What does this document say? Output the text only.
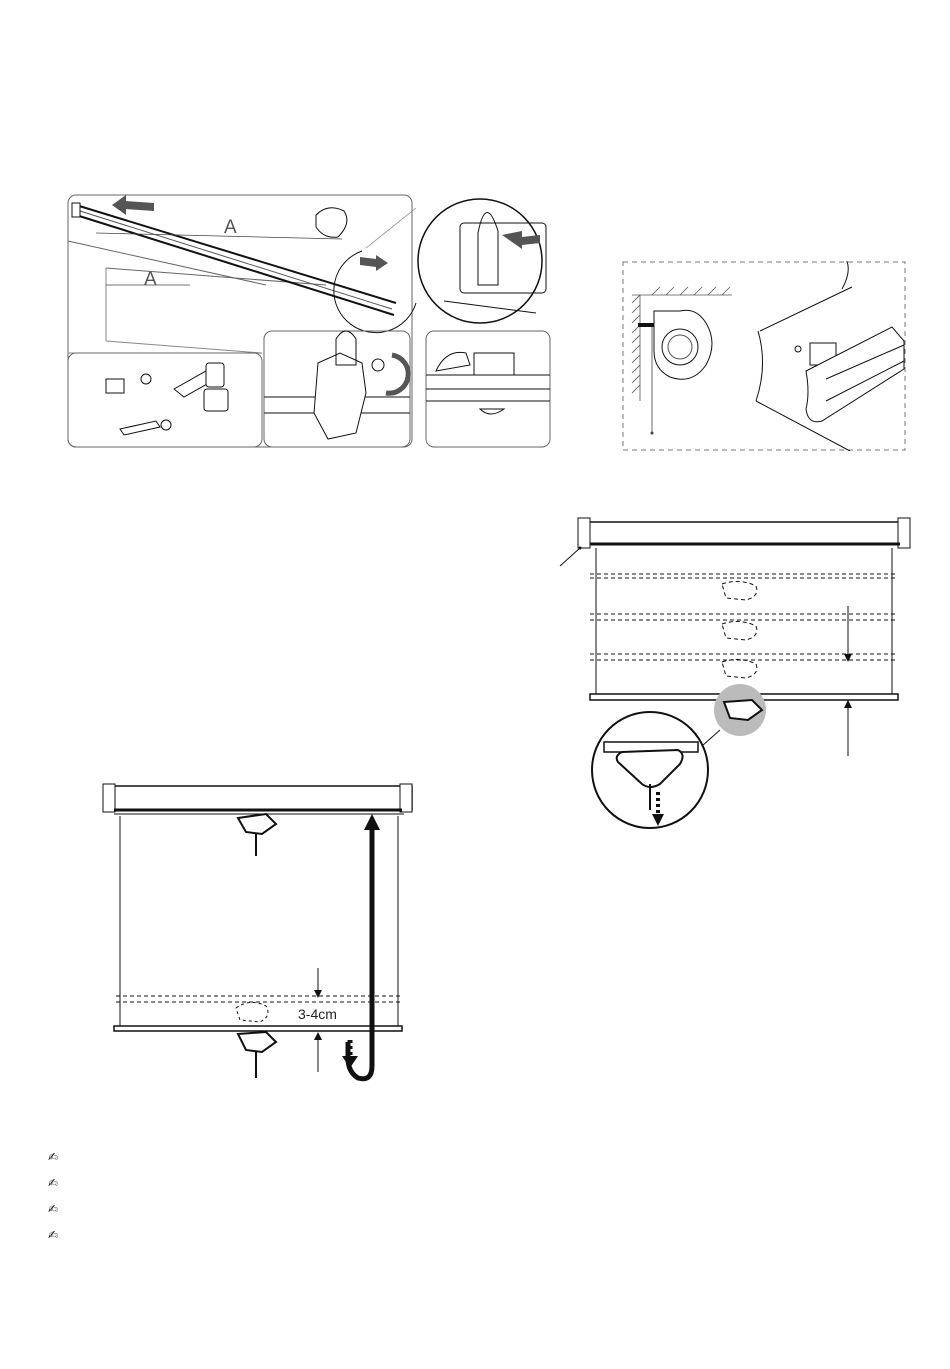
A
A
3-4cm
✍
✍
✍
✍
